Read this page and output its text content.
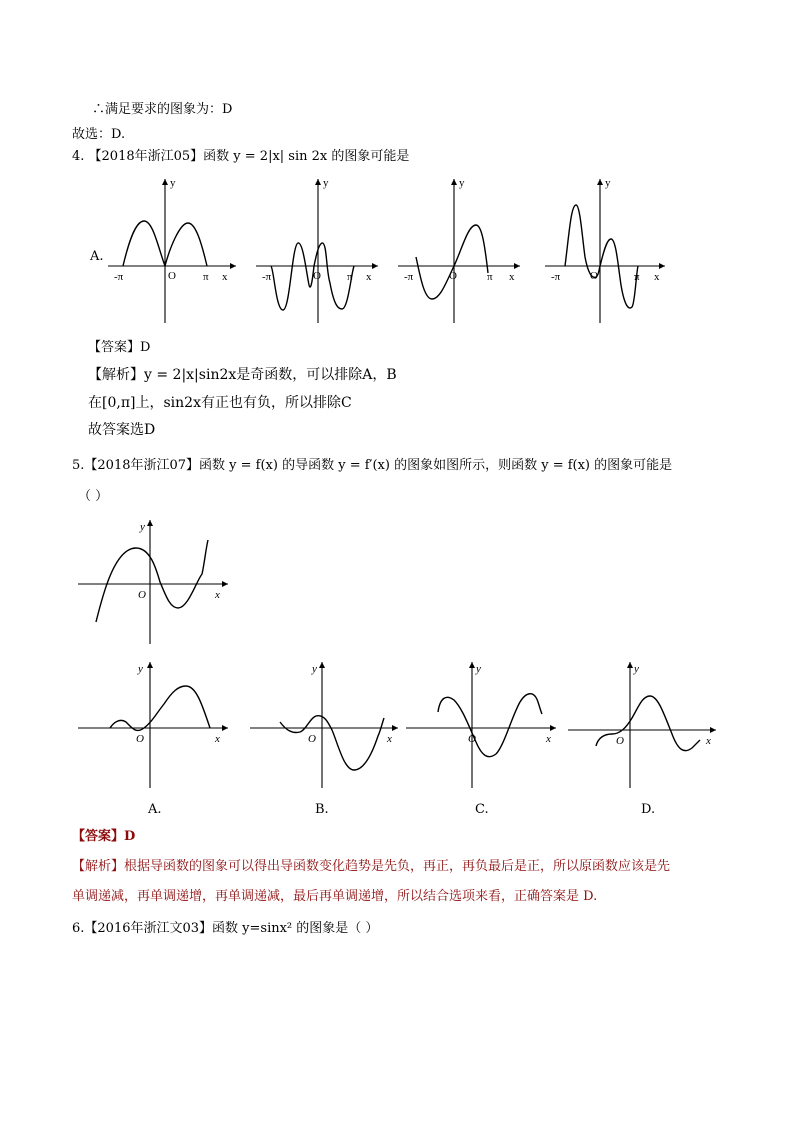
∴满足要求的图象为：D
故选：D.
4. 【2018年浙江05】函数 y = 2|x| sin 2x 的图象可能是
A.
y
x
O
-π	π
y
x
O
-π	π
y
x
O
-π	π
y
x
O
-π	π
【答案】D
【解析】y = 2|x|sin2x是奇函数，可以排除A，B
在[0,π]上，sin2x有正也有负，所以排除C
故答案选D
5.【2018年浙江07】函数 y = f(x) 的导函数 y = f′(x) 的图象如图所示，则函数 y = f(x) 的图象可能是
（ ）
y
x
O
y
x
O
y
x
O
y
x
O
y
x
O
A.	B.	C.	D.
【答案】D
【解析】根据导函数的图象可以得出导函数变化趋势是先负，再正，再负最后是正，所以原函数应该是先
单调递减，再单调递增，再单调递减，最后再单调递增，所以结合选项来看，正确答案是 D.
6.【2016年浙江文03】函数 y=sinx² 的图象是（ ）
